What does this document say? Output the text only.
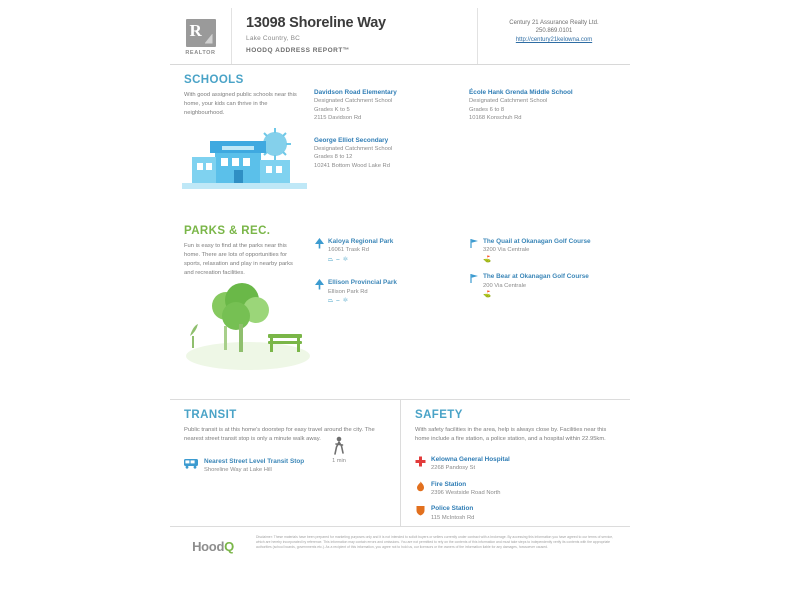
R
REALTOR
13098 Shoreline Way
Lake Country, BC
HOODQ ADDRESS REPORT™
Century 21 Assurance Realty Ltd.
250.869.0101
http://century21kelowna.com
SCHOOLS
With good assigned public schools near this home, your kids can thrive in the neighbourhood.
Davidson Road Elementary
Designated Catchment School
Grades K to 5
2115 Davidson Rd
George Elliot Secondary
Designated Catchment School
Grades 8 to 12
10241 Bottom Wood Lake Rd
École Hank Grenda Middle School
Designated Catchment School
Grades 6 to 8
10168 Konschuh Rd
PARKS & REC.
Fun is easy to find at the parks near this home. There are lots of opportunities for sports, relaxation and play in nearby parks and recreation facilities.
Kaloya Regional Park
16061 Trask Rd
⏢ ⎯ ⚛
Ellison Provincial Park
Ellison Park Rd
⏢ ⎯ ⚛
The Quail at Okanagan Golf Course
3200 Via Centrale
⛳
The Bear at Okanagan Golf Course
200 Via Centrale
⛳
TRANSIT
Public transit is at this home's doorstep for easy travel around the city. The nearest street transit stop is only a minute walk away.
Nearest Street Level Transit Stop
Shoreline Way at Lake Hill
1 min
SAFETY
With safety facilities in the area, help is always close by. Facilities near this home include a fire station, a police station, and a hospital within 22.95km.
Kelowna General Hospital
2268 Pandosy St
Fire Station
2396 Westside Road North
Police Station
115 McIntosh Rd
HoodQ
Disclaimer: These materials have been prepared for marketing purposes only and it is not intended to solicit buyers or sellers currently under contract with a brokerage. By accessing this information you have agreed to our terms of service, which are hereby incorporated by reference. This information may contain errors and omissions. You are not permitted to rely on the contents of this information and must take steps to independently verify its contents with the appropriate authorities (school boards, governments etc.). As a recipient of this information, you agree not to hold us, our licensors or the owners of the information liable for any damages, howsoever caused.
